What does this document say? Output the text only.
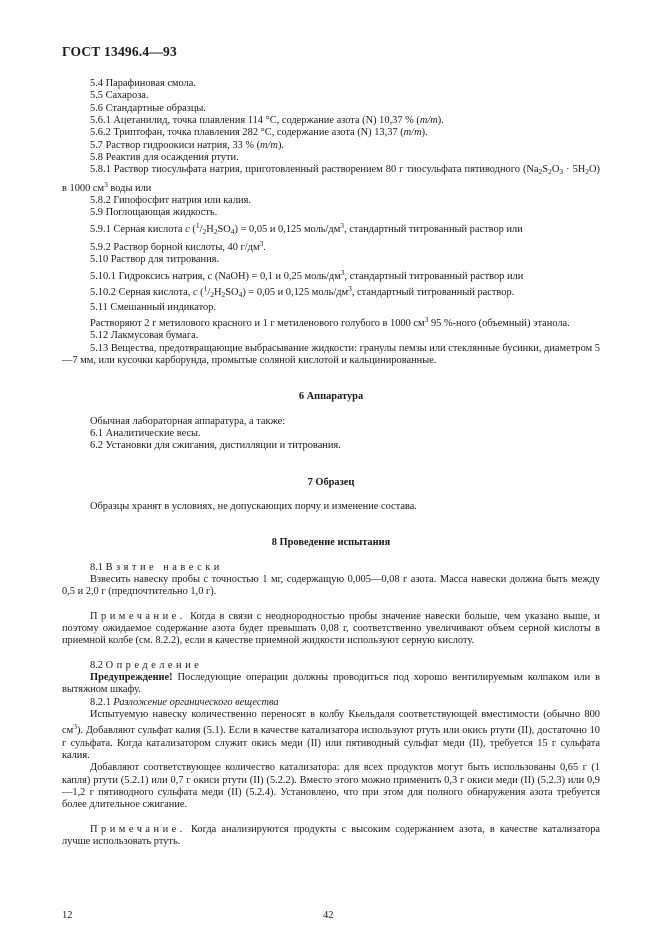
ГОСТ 13496.4—93

5.4 Парафиновая смола.

5.5 Сахароза.

5.6 Стандартные образцы.

5.6.1 Ацетанилид, точка плавления 114 °С, содержание азота (N) 10,37 % (m/m).

5.6.2 Триптофан, точка плавления 282 °С, содержание азота (N) 13,37 (m/m).

5.7 Раствор гидроокиси натрия, 33 % (m/m).

5.8 Реактив для осаждения ртути.

5.8.1 Раствор тиосульфата натрия, приготовленный растворением 80 г тиосульфата пятиводного $(Na_2S_2O_3 \cdot 5H_2O)$ в 1000 $см^3$ воды или

5.8.2 Гипофосфит натрия или калия.

5.9 Поглощающая жидкость.

5.9.1 Серная кислота c $(^1/_2H_2SO_4) = 0,05$ и 0,125 моль/$дм^3$, стандартный титрованный раствор или

5.9.2 Раствор борной кислоты, 40 $г/дм^3$.

5.10 Раствор для титрования.

5.10.1 Гидроксись натрия, c (NaOH) = 0,1 и 0,25 моль/$дм^3$, стандартный титрованный раствор или

5.10.2 Серная кислота, c $(^1/_2H_2SO_4) = 0,05$ и 0,125 моль/$дм^3$, стандартный титрованный раствор.

5.11 Смешанный индикатор.

Растворяют 2 г метилового красного и 1 г метиленового голубого в 1000 $см^3$ 95 %-ного (объемный) этанола.

5.12 Лакмусовая бумага.

5.13 Вещества, предотвращающие выбрасывание жидкости: гранулы пемзы или стеклянные бусинки, диаметром 5—7 мм, или кусочки карборунда, промытые соляной кислотой и кальцинированные.

6 Аппаратура

Обычная лабораторная аппаратура, а также:

6.1 Аналитические весы.

6.2 Установки для сжигания, дистилляции и титрования.

7 Образец

Образцы хранят в условиях, не допускающих порчу и изменение состава.

8 Проведение испытания

8.1 Взятие навески

Взвесить навеску пробы с точностью 1 мг, содержащую 0,005—0,08 г азота. Масса навески должна быть между 0,5 и 2,0 г (предпочтительно 1,0 г).

Примечание. Когда в связи с неоднородностью пробы значение навески больше, чем указано выше, и поэтому ожидаемое содержание азота будет превышать 0,08 г, соответственно увеличивают объем серной кислоты в приемной колбе (см. 8.2.2), если в качестве приемной жидкости используют серную кислоту.

8.2 Определение

Предупреждение! Последующие операции должны проводиться под хорошо вентилируемым колпаком или в вытяжном шкафу.

8.2.1 Разложение органического вещества

Испытуемую навеску количественно переносят в колбу Кьельдаля соответствующей вместимости (обычно 800 $см^3$). Добавляют сульфат калия (5.1). Если в качестве катализатора используют ртуть или окись ртути (II), достаточно 10 г сульфата. Когда катализатором служит окись меди (II) или пятиводный сульфат меди (II), требуется 15 г сульфата калия.

Добавляют соответствующее количество катализатора: для всех продуктов могут быть использованы 0,65 г (1 капля) ртути (5.2.1) или 0,7 г окиси ртути (II) (5.2.2). Вместо этого можно применить 0,3 г окиси меди (II) (5.2.3) или 0,9—1,2 г пятиводного сульфата меди (II) (5.2.4). Установлено, что при этом для полного обнаружения азота требуется более длительное сжигание.

Примечание. Когда анализируются продукты с высоким содержанием азота, в качестве катализатора лучше использовать ртуть.

12	42
